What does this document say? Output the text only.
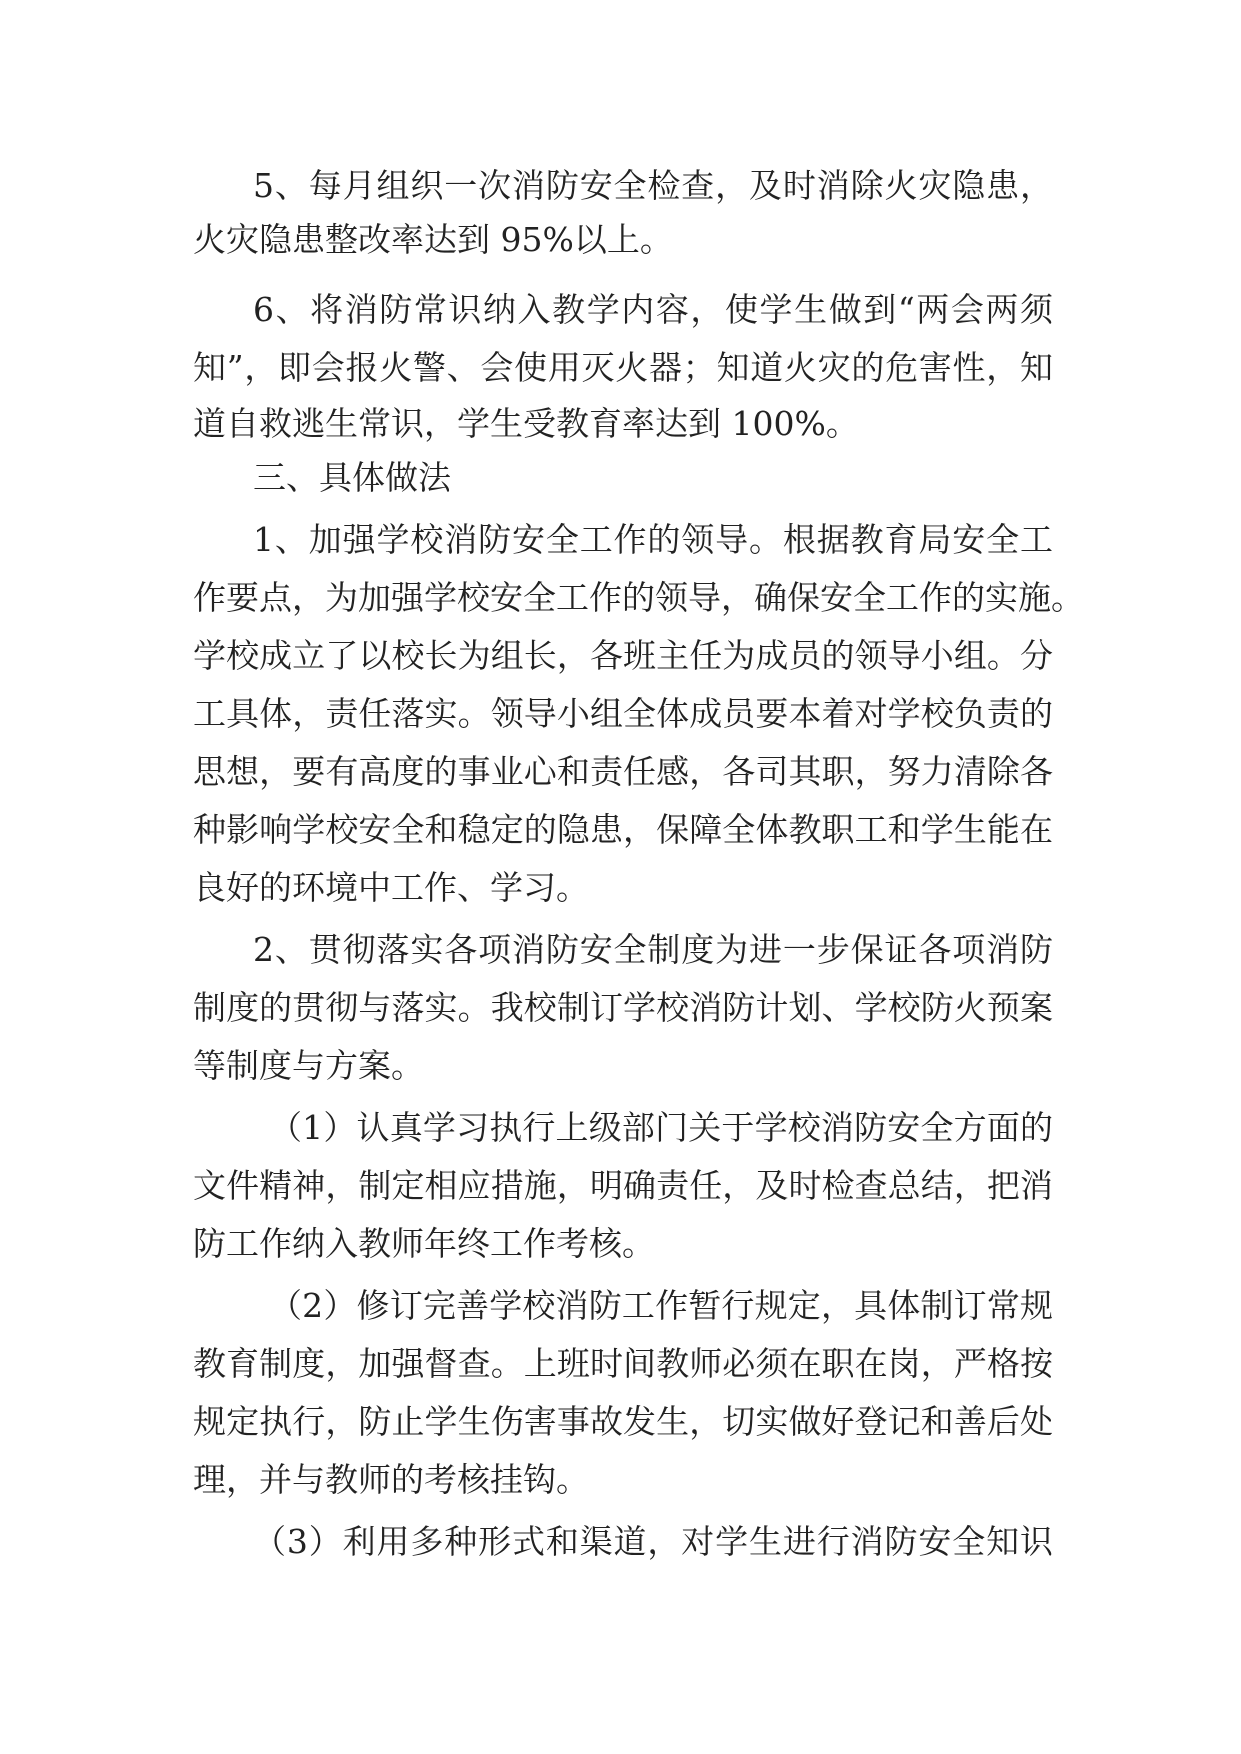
5、每月组织一次消防安全检查，及时消除火灾隐患，
火灾隐患整改率达到 95%以上。
6、将消防常识纳入教学内容，使学生做到“两会两须
知”，即会报火警、会使用灭火器；知道火灾的危害性，知
道自救逃生常识，学生受教育率达到 100%。
三、具体做法
1、加强学校消防安全工作的领导。根据教育局安全工
作要点，为加强学校安全工作的领导，确保安全工作的实施。
学校成立了以校长为组长，各班主任为成员的领导小组。分
工具体，责任落实。领导小组全体成员要本着对学校负责的
思想，要有高度的事业心和责任感，各司其职，努力清除各
种影响学校安全和稳定的隐患，保障全体教职工和学生能在
良好的环境中工作、学习。
2、贯彻落实各项消防安全制度为进一步保证各项消防
制度的贯彻与落实。我校制订学校消防计划、学校防火预案
等制度与方案。
（1）认真学习执行上级部门关于学校消防安全方面的
文件精神，制定相应措施，明确责任，及时检查总结，把消
防工作纳入教师年终工作考核。
（2）修订完善学校消防工作暂行规定，具体制订常规
教育制度，加强督查。上班时间教师必须在职在岗，严格按
规定执行，防止学生伤害事故发生，切实做好登记和善后处
理，并与教师的考核挂钩。
（3）利用多种形式和渠道，对学生进行消防安全知识
